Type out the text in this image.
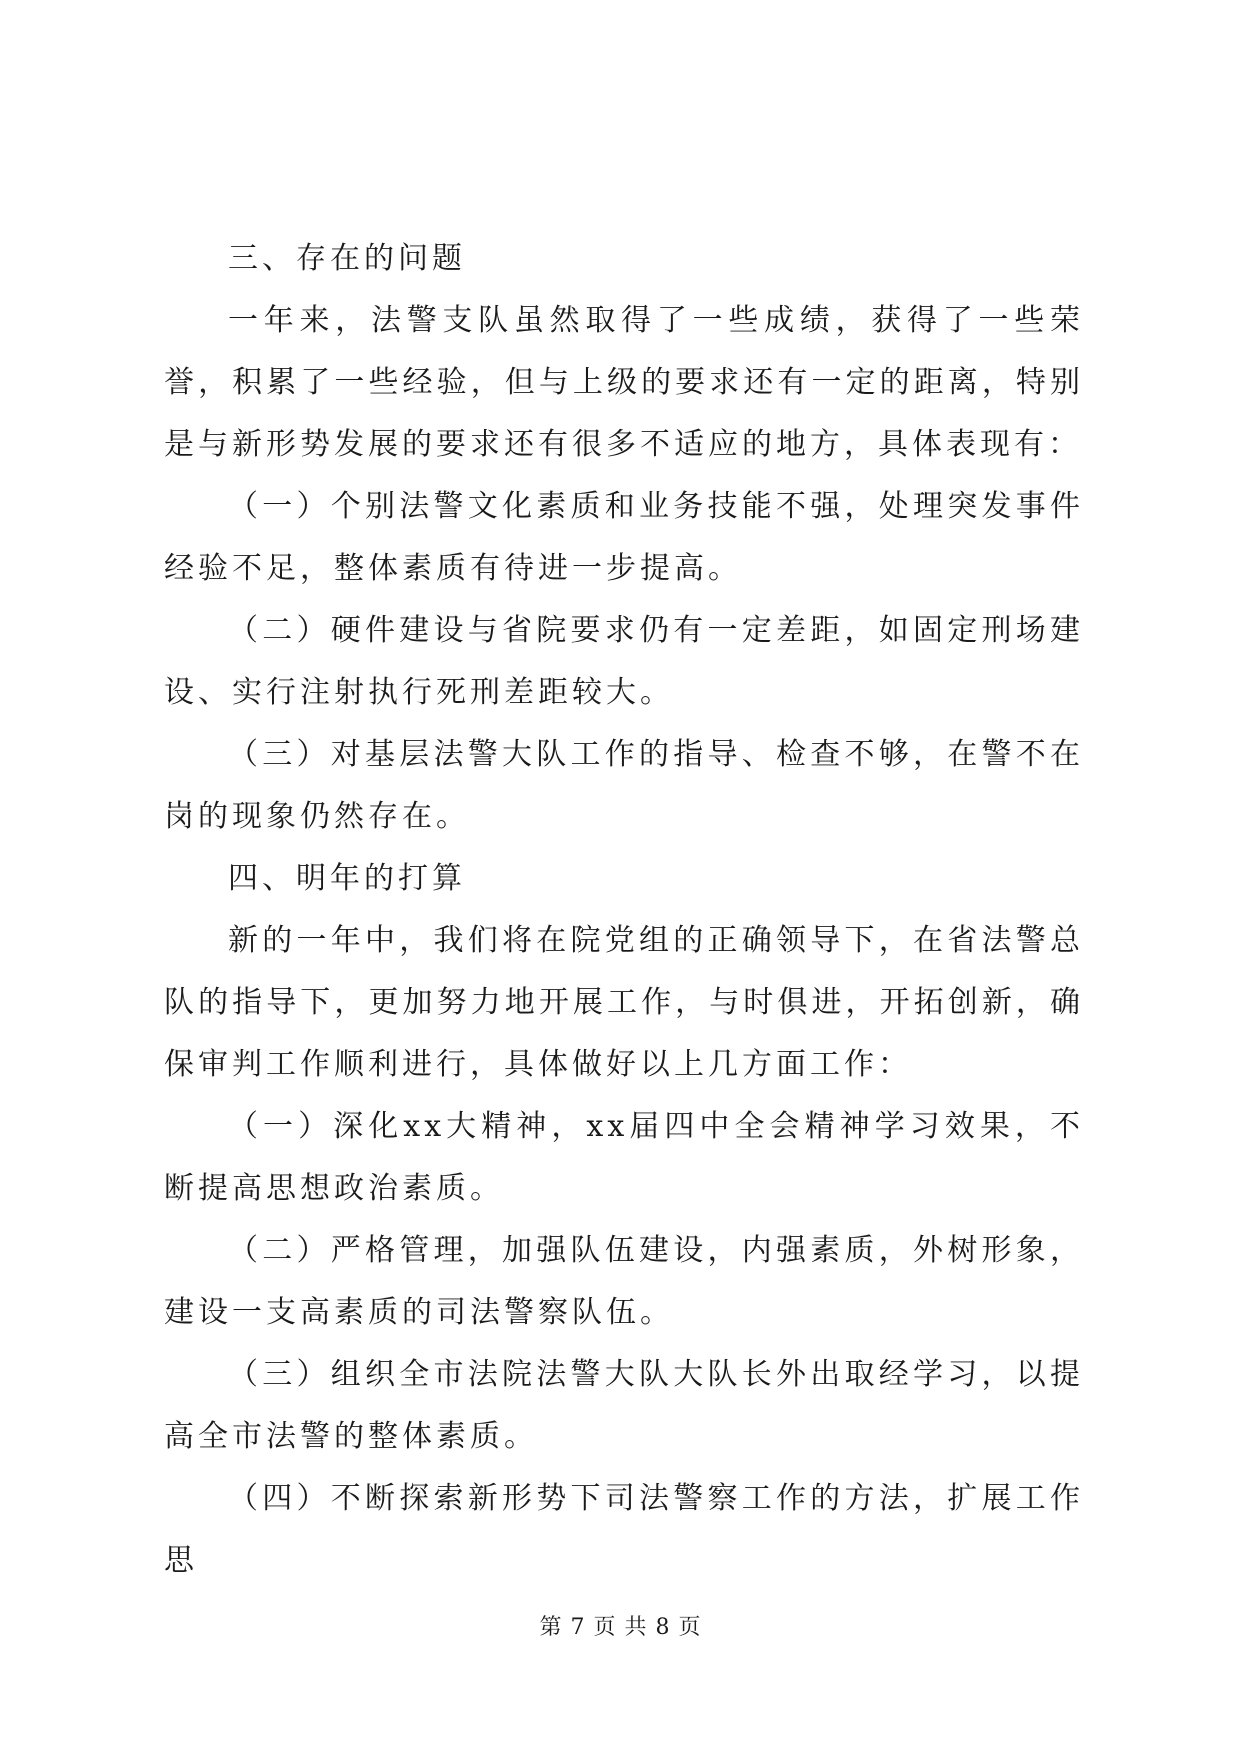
三、存在的问题

一年来，法警支队虽然取得了一些成绩，获得了一些荣誉，积累了一些经验，但与上级的要求还有一定的距离，特别是与新形势发展的要求还有很多不适应的地方，具体表现有：

（一）个别法警文化素质和业务技能不强，处理突发事件经验不足，整体素质有待进一步提高。

（二）硬件建设与省院要求仍有一定差距，如固定刑场建设、实行注射执行死刑差距较大。

（三）对基层法警大队工作的指导、检查不够，在警不在岗的现象仍然存在。

四、明年的打算

新的一年中，我们将在院党组的正确领导下，在省法警总队的指导下，更加努力地开展工作，与时俱进，开拓创新，确保审判工作顺利进行，具体做好以上几方面工作：

（一）深化xx大精神，xx届四中全会精神学习效果，不断提高思想政治素质。

（二）严格管理，加强队伍建设，内强素质，外树形象，建设一支高素质的司法警察队伍。

（三）组织全市法院法警大队大队长外出取经学习，以提高全市法警的整体素质。

（四）不断探索新形势下司法警察工作的方法，扩展工作思

第 7 页 共 8 页
